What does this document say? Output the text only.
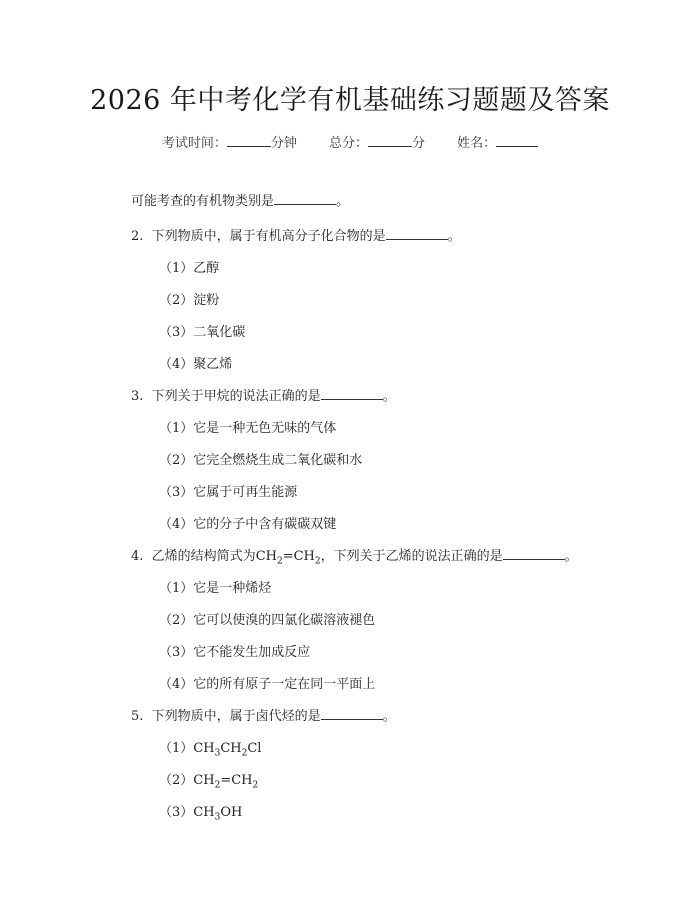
2026 年中考化学有机基础练习题题及答案
考试时间：	分钟 总分：	分 姓名：
可能考查的有机物类别是	。
2. 下列物质中，属于有机高分子化合物的是	。
（1）乙醇
（2）淀粉
（3）二氧化碳
（4）聚乙烯
3. 下列关于甲烷的说法正确的是	。
（1）它是一种无色无味的气体
（2）它完全燃烧生成二氧化碳和水
（3）它属于可再生能源
（4）它的分子中含有碳碳双键
4. 乙烯的结构简式为$CH_2=CH_2$，下列关于乙烯的说法正确的是	。
（1）它是一种烯烃
（2）它可以使溴的四氯化碳溶液褪色
（3）它不能发生加成反应
（4）它的所有原子一定在同一平面上
5. 下列物质中，属于卤代烃的是	。
$(1)CH_3CH_2Cl$
$(2)CH_2=CH_2$
$(3)CH_3OH$
